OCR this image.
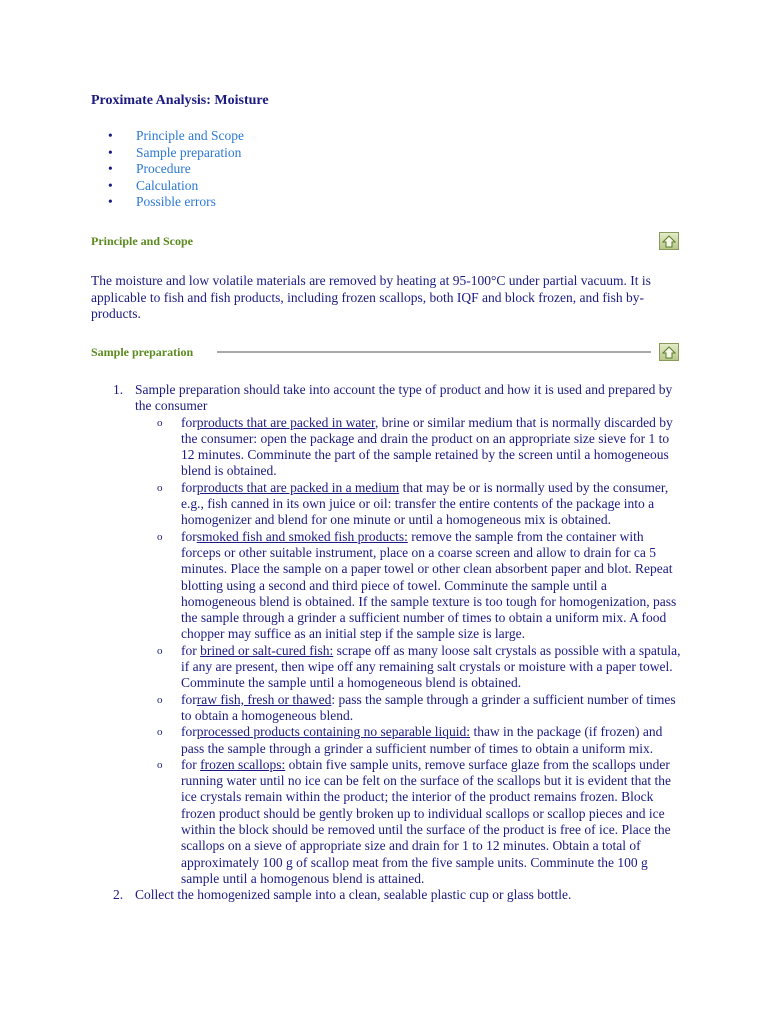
Proximate Analysis: Moisture
• Principle and Scope
• Sample preparation
• Procedure
• Calculation
• Possible errors
Principle and Scope

The moisture and low volatile materials are removed by heating at 95-100°C under partial vacuum. It is applicable to fish and fish products, including frozen scallops, both IQF and block frozen, and fish by-products.

Sample preparation
1. Sample preparation should take into account the type of product and how it is used and prepared by the consumer
o forproducts that are packed in water, brine or similar medium that is normally discarded by the consumer: open the package and drain the product on an appropriate size sieve for 1 to 12 minutes. Comminute the part of the sample retained by the screen until a homogeneous blend is obtained.
o forproducts that are packed in a medium that may be or is normally used by the consumer, e.g., fish canned in its own juice or oil: transfer the entire contents of the package into a homogenizer and blend for one minute or until a homogeneous mix is obtained.
o forsmoked fish and smoked fish products: remove the sample from the container with forceps or other suitable instrument, place on a coarse screen and allow to drain for ca 5 minutes. Place the sample on a paper towel or other clean absorbent paper and blot. Repeat blotting using a second and third piece of towel. Comminute the sample until a homogeneous blend is obtained. If the sample texture is too tough for homogenization, pass the sample through a grinder a sufficient number of times to obtain a uniform mix. A food chopper may suffice as an initial step if the sample size is large.
o for brined or salt-cured fish: scrape off as many loose salt crystals as possible with a spatula, if any are present, then wipe off any remaining salt crystals or moisture with a paper towel. Comminute the sample until a homogeneous blend is obtained.
o forraw fish, fresh or thawed: pass the sample through a grinder a sufficient number of times to obtain a homogeneous blend.
o forprocessed products containing no separable liquid: thaw in the package (if frozen) and pass the sample through a grinder a sufficient number of times to obtain a uniform mix.
o for frozen scallops: obtain five sample units, remove surface glaze from the scallops under running water until no ice can be felt on the surface of the scallops but it is evident that the ice crystals remain within the product; the interior of the product remains frozen. Block frozen product should be gently broken up to individual scallops or scallop pieces and ice within the block should be removed until the surface of the product is free of ice. Place the scallops on a sieve of appropriate size and drain for 1 to 12 minutes. Obtain a total of approximately 100 g of scallop meat from the five sample units. Comminute the 100 g sample until a homogenous blend is attained.
2. Collect the homogenized sample into a clean, sealable plastic cup or glass bottle.
